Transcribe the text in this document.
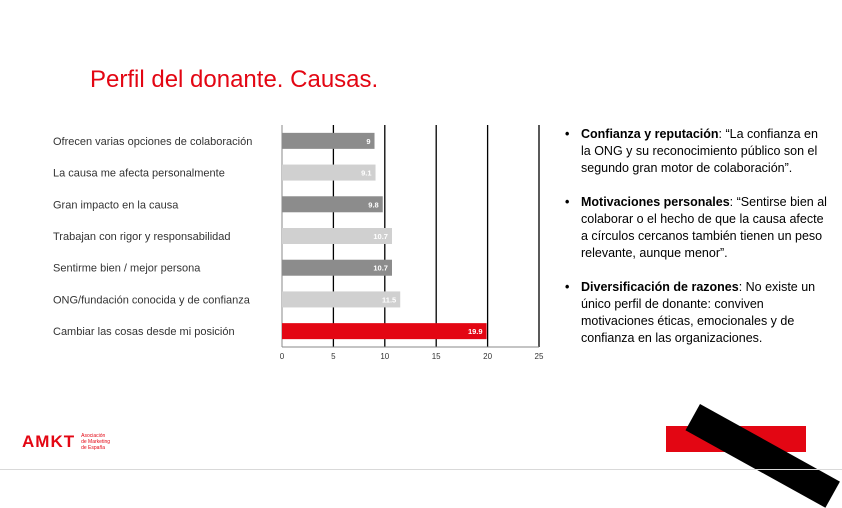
Perfil del donante. Causas.
0	5	10	15	20	25
Ofrecen varias opciones de colaboración	9
La causa me afecta personalmente	9.1
Gran impacto en la causa	9.8
Trabajan con rigor y responsabilidad	10.7
Sentirme bien / mejor persona	10.7
ONG/fundación conocida y de confianza	11.5
Cambiar las cosas desde mi posición	19.9
• Confianza y reputación: “La confianza en la ONG y su reconocimiento público son el segundo gran motor de colaboración”.
• Motivaciones personales: “Sentirse bien al colaborar o el hecho de que la causa afecte a círculos cercanos también tienen un peso relevante, aunque menor”.
• Diversificación de razones: No existe un único perfil de donante: conviven motivaciones éticas, emocionales y de confianza en las organizaciones.
AMKT Asociación
de Marketing
de España
